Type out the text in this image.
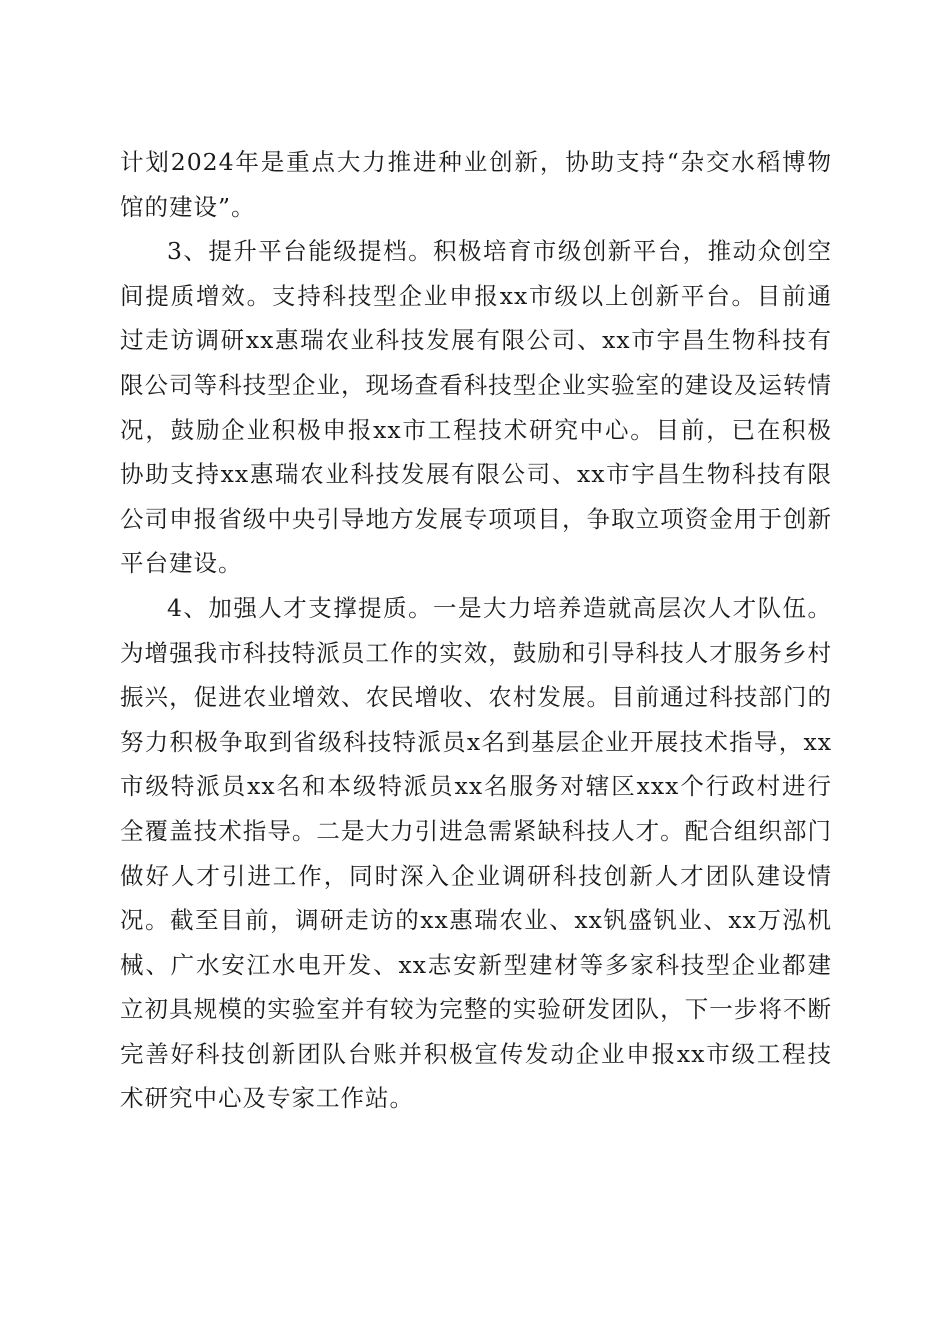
计划2024年是重点大力推进种业创新，协助支持“杂交水稻博物馆的建设”。

3、提升平台能级提档。积极培育市级创新平台，推动众创空间提质增效。支持科技型企业申报xx市级以上创新平台。目前通过走访调研xx惠瑞农业科技发展有限公司、xx市宇昌生物科技有限公司等科技型企业，现场查看科技型企业实验室的建设及运转情况，鼓励企业积极申报xx市工程技术研究中心。目前，已在积极协助支持xx惠瑞农业科技发展有限公司、xx市宇昌生物科技有限公司申报省级中央引导地方发展专项项目，争取立项资金用于创新平台建设。

4、加强人才支撑提质。一是大力培养造就高层次人才队伍。为增强我市科技特派员工作的实效，鼓励和引导科技人才服务乡村振兴，促进农业增效、农民增收、农村发展。目前通过科技部门的努力积极争取到省级科技特派员x名到基层企业开展技术指导，xx市级特派员xx名和本级特派员xx名服务对辖区xxx个行政村进行全覆盖技术指导。二是大力引进急需紧缺科技人才。配合组织部门做好人才引进工作，同时深入企业调研科技创新人才团队建设情况。截至目前，调研走访的xx惠瑞农业、xx钒盛钒业、xx万泓机械、广水安江水电开发、xx志安新型建材等多家科技型企业都建立初具规模的实验室并有较为完整的实验研发团队，下一步将不断完善好科技创新团队台账并积极宣传发动企业申报xx市级工程技术研究中心及专家工作站。
